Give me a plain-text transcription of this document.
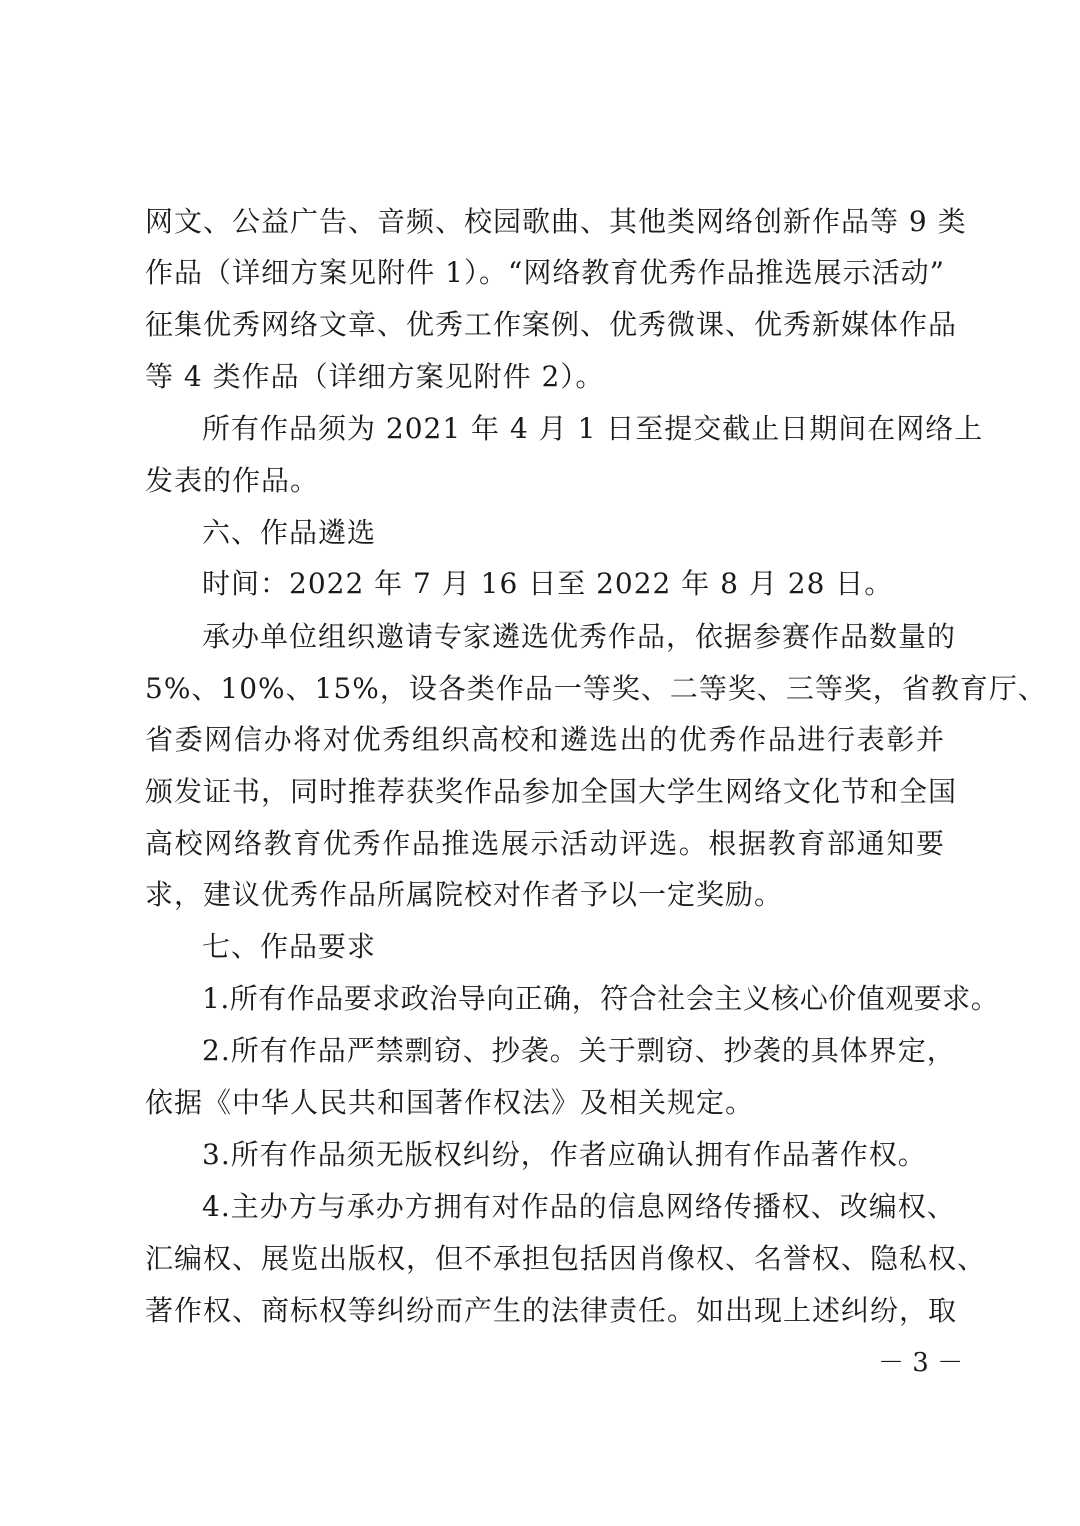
网文、公益广告、音频、校园歌曲、其他类网络创新作品等 9 类
作品（详细方案见附件 1）。“网络教育优秀作品推选展示活动”
征集优秀网络文章、优秀工作案例、优秀微课、优秀新媒体作品
等 4 类作品（详细方案见附件 2）。
所有作品须为 2021 年 4 月 1 日至提交截止日期间在网络上
发表的作品。
六、作品遴选
时间：2022 年 7 月 16 日至 2022 年 8 月 28 日。
承办单位组织邀请专家遴选优秀作品，依据参赛作品数量的
5%、10%、15%，设各类作品一等奖、二等奖、三等奖，省教育厅、
省委网信办将对优秀组织高校和遴选出的优秀作品进行表彰并
颁发证书，同时推荐获奖作品参加全国大学生网络文化节和全国
高校网络教育优秀作品推选展示活动评选。根据教育部通知要
求，建议优秀作品所属院校对作者予以一定奖励。
七、作品要求
1.所有作品要求政治导向正确，符合社会主义核心价值观要求。
2.所有作品严禁剽窃、抄袭。关于剽窃、抄袭的具体界定，
依据《中华人民共和国著作权法》及相关规定。
3.所有作品须无版权纠纷，作者应确认拥有作品著作权。
4.主办方与承办方拥有对作品的信息网络传播权、改编权、
汇编权、展览出版权，但不承担包括因肖像权、名誉权、隐私权、
著作权、商标权等纠纷而产生的法律责任。如出现上述纠纷，取
－ 3 －
